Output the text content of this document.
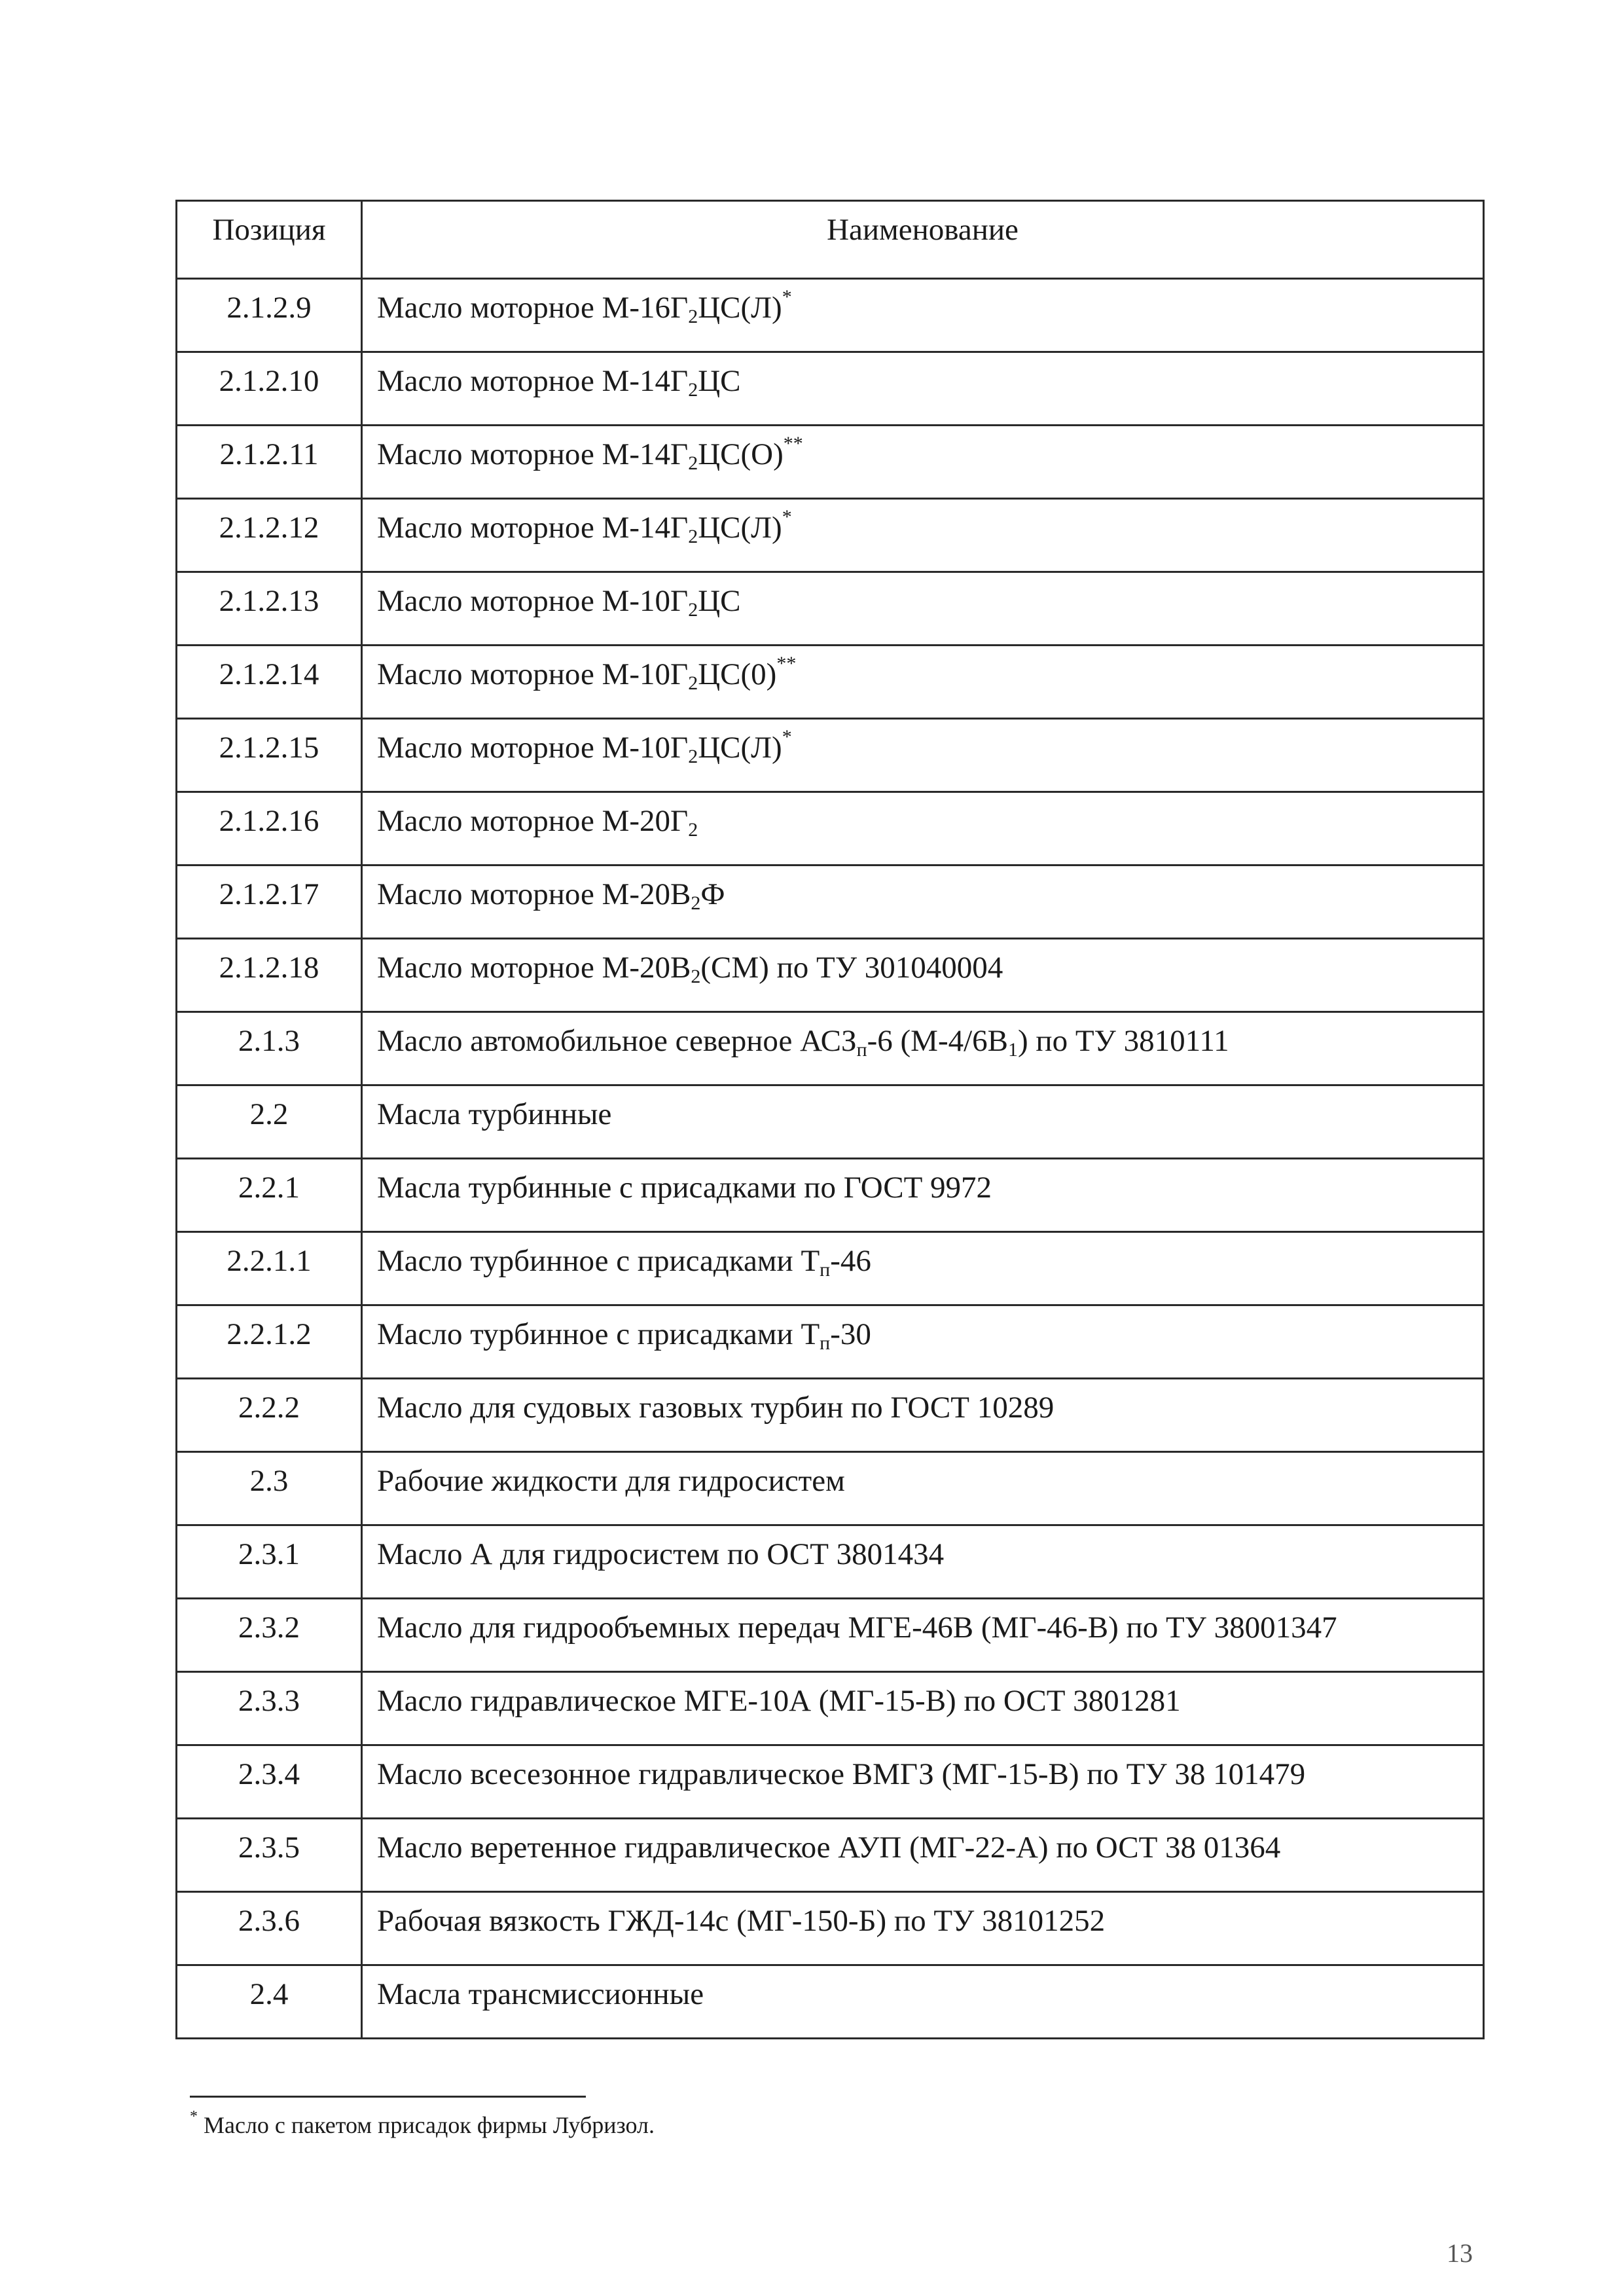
Позиция	Наименование
2.1.2.9	Масло моторное $М-16Г_2ЦС(Л)^*$
2.1.2.10	Масло моторное $М-14Г_2ЦС$
2.1.2.11	Масло моторное $М-14Г_2ЦС(О)^{**}$
2.1.2.12	Масло моторное $М-14Г_2ЦС(Л)^*$
2.1.2.13	Масло моторное $М-10Г_2ЦС$
2.1.2.14	Масло моторное $М-10Г_2ЦС(0)^{**}$
2.1.2.15	Масло моторное $М-10Г_2ЦС(Л)^*$
2.1.2.16	Масло моторное $М-20Г_2$
2.1.2.17	Масло моторное $М-20В_2Ф$
2.1.2.18	Масло моторное $М-20В_2(СМ)$ по ТУ 301040004
2.1.3	Масло автомобильное северное $АСЗ_п-6$ $(М-4/6В_1)$ по ТУ 3810111
2.2	Масла турбинные
2.2.1	Масла турбинные с присадками по ГОСТ 9972
2.2.1.1	Масло турбинное с присадками $Т_п-46$
2.2.1.2	Масло турбинное с присадками $Т_п-30$
2.2.2	Масло для судовых газовых турбин по ГОСТ 10289
2.3	Рабочие жидкости для гидросистем
2.3.1	Масло А для гидросистем по ОСТ 3801434
2.3.2	Масло для гидрообъемных передач МГЕ-46В (МГ-46-В) по ТУ 38001347
2.3.3	Масло гидравлическое МГЕ-10А (МГ-15-В) по ОСТ 3801281
2.3.4	Масло всесезонное гидравлическое ВМГЗ (МГ-15-В) по ТУ 38 101479
2.3.5	Масло веретенное гидравлическое АУП (МГ-22-А) по ОСТ 38 01364
2.3.6	Рабочая вязкость ГЖД-14с (МГ-150-Б) по ТУ 38101252
2.4	Масла трансмиссионные
* Масло с пакетом присадок фирмы Лубризол.
13
